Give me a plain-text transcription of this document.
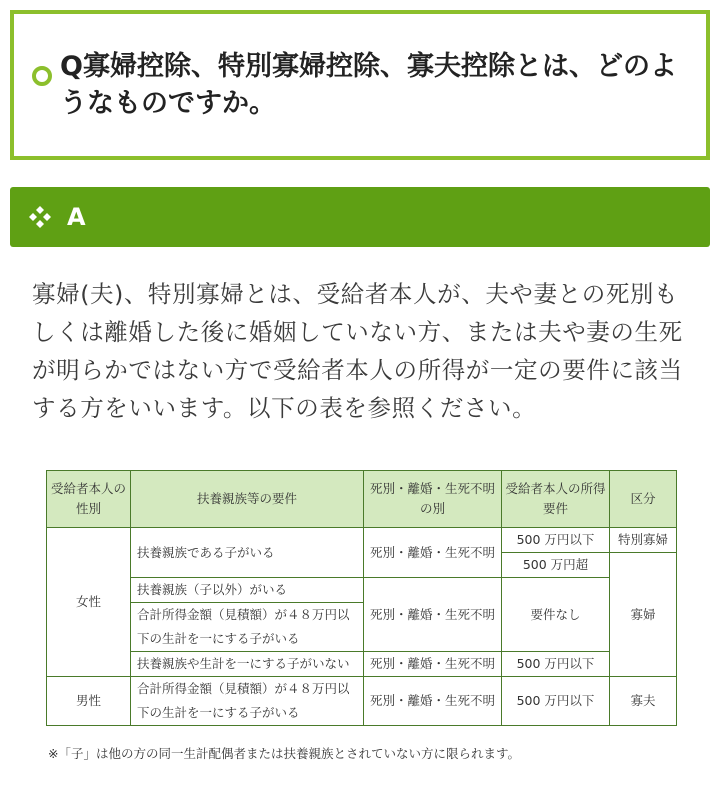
Q寡婦控除、特別寡婦控除、寡夫控除とは、どのようなものですか。
A
寡婦(夫)、特別寡婦とは、受給者本人が、夫や妻との死別もしくは離婚した後に婚姻していない方、または夫や妻の生死が明らかではない方で受給者本人の所得が一定の要件に該当する方をいいます。以下の表を参照ください。
受給者本人の性別	扶養親族等の要件	死別・離婚・生死不明の別	受給者本人の所得要件	区分
女性	扶養親族である子がいる	死別・離婚・生死不明	500 万円以下	特別寡婦
			500 万円超	寡婦
	扶養親族（子以外）がいる	死別・離婚・生死不明	要件なし	
	合計所得金額（見積額）が４８万円以下の生計を一にする子がいる			
	扶養親族や生計を一にする子がいない	死別・離婚・生死不明	500 万円以下	
男性	合計所得金額（見積額）が４８万円以下の生計を一にする子がいる	死別・離婚・生死不明	500 万円以下	寡夫
※「子」は他の方の同一生計配偶者または扶養親族とされていない方に限られます。
